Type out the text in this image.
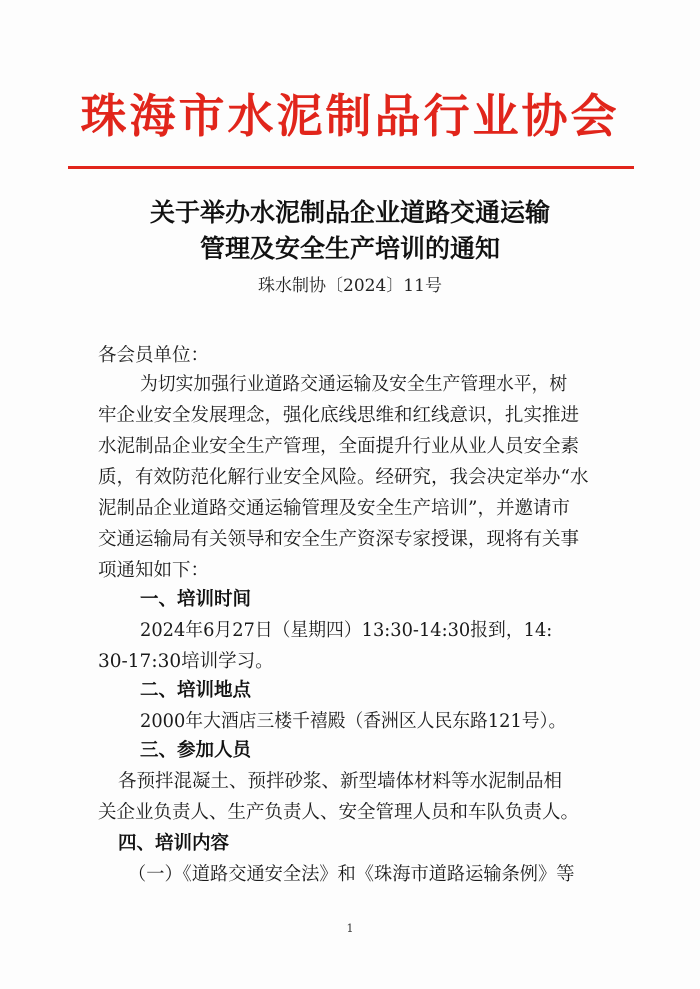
珠海市水泥制品行业协会
关于举办水泥制品企业道路交通运输
管理及安全生产培训的通知
珠水制协〔2024〕11号
各会员单位：
为切实加强行业道路交通运输及安全生产管理水平，树
牢企业安全发展理念，强化底线思维和红线意识，扎实推进
水泥制品企业安全生产管理，全面提升行业从业人员安全素
质，有效防范化解行业安全风险。经研究，我会决定举办“水
泥制品企业道路交通运输管理及安全生产培训”，并邀请市
交通运输局有关领导和安全生产资深专家授课，现将有关事
项通知如下：
一、培训时间
2024年6月27日（星期四）13:30-14:30报到，14:
30-17:30培训学习。
二、培训地点
2000年大酒店三楼千禧殿（香洲区人民东路121号）。
三、参加人员
各预拌混凝土、预拌砂浆、新型墙体材料等水泥制品相
关企业负责人、生产负责人、安全管理人员和车队负责人。
四、培训内容
（一）《道路交通安全法》和《珠海市道路运输条例》等
1
